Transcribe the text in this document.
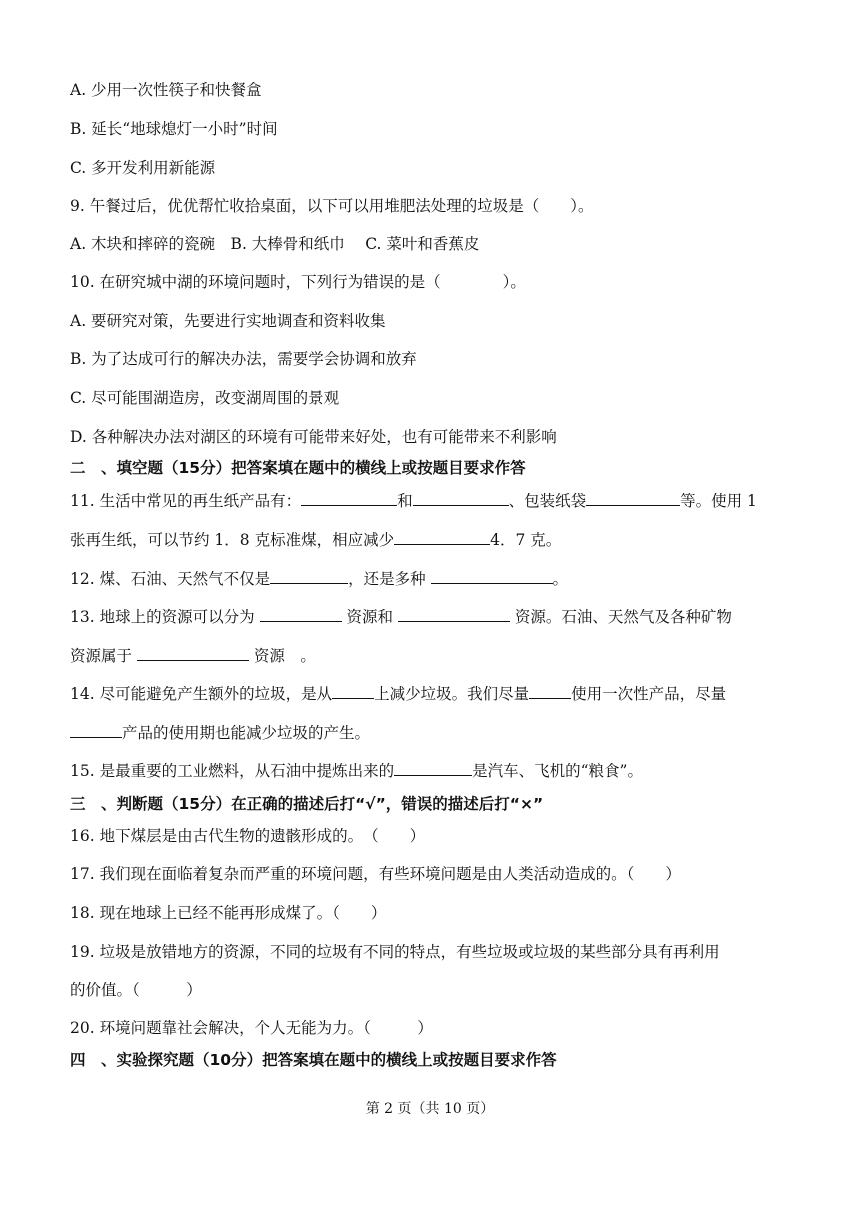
A. 少用一次性筷子和快餐盒
B. 延长“地球熄灯一小时”时间
C. 多开发利用新能源
9. 午餐过后，优优帮忙收拾桌面，以下可以用堆肥法处理的垃圾是（　　）。
A. 木块和摔碎的瓷碗　B. 大棒骨和纸巾　 C. 菜叶和香蕉皮
10. 在研究城中湖的环境问题时，下列行为错误的是（　　　　）。
A. 要研究对策，先要进行实地调查和资料收集
B. 为了达成可行的解决办法，需要学会协调和放弃
C. 尽可能围湖造房，改变湖周围的景观
D. 各种解决办法对湖区的环境有可能带来好处，也有可能带来不利影响
二　、填空题（15分）把答案填在题中的横线上或按题目要求作答
11. 生活中常见的再生纸产品有：	和	、包装纸袋	等。使用 1
张再生纸，可以节约 1．8 克标准煤，相应减少	4．7 克。
12. 煤、石油、天然气不仅是	，还是多种	。
13. 地球上的资源可以分为	资源和	资源。石油、天然气及各种矿物
资源属于	资源　。
14. 尽可能避免产生额外的垃圾，是从	上减少垃圾。我们尽量	使用一次性产品，尽量
产品的使用期也能减少垃圾的产生。
15. 是最重要的工业燃料，从石油中提炼出来的	是汽车、飞机的“粮食”。
三　、判断题（15分）在正确的描述后打“√”，错误的描述后打“×”
16. 地下煤层是由古代生物的遗骸形成的。　（　　）
17. 我们现在面临着复杂而严重的环境问题，有些环境问题是由人类活动造成的。（　　）
18. 现在地球上已经不能再形成煤了。（　　）
19. 垃圾是放错地方的资源，不同的垃圾有不同的特点，有些垃圾或垃圾的某些部分具有再利用
的价值。（　　　）
20. 环境问题靠社会解决，个人无能为力。（　　　）
四　、实验探究题（10分）把答案填在题中的横线上或按题目要求作答
第 2 页（共 10 页）
